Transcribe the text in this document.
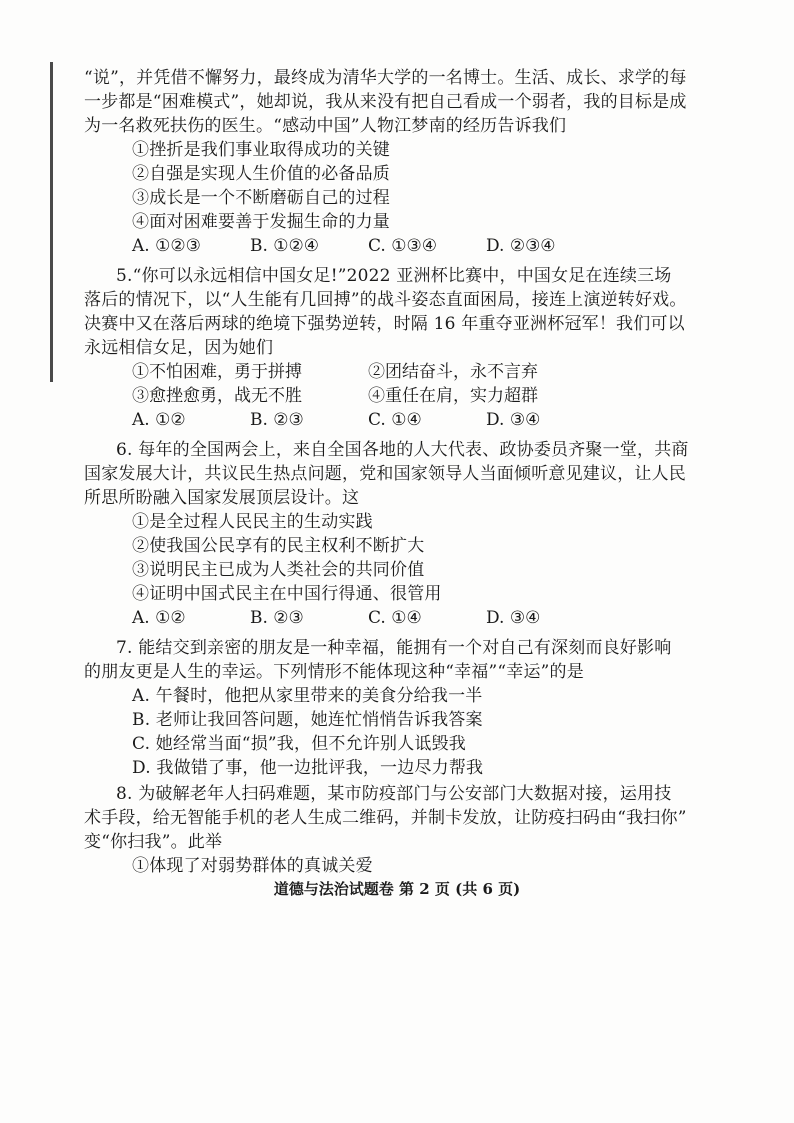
“说”，并凭借不懈努力，最终成为清华大学的一名博士。生活、成长、求学的每
一步都是“困难模式”，她却说，我从来没有把自己看成一个弱者，我的目标是成
为一名救死扶伤的医生。“感动中国”人物江梦南的经历告诉我们
①挫折是我们事业取得成功的关键
②自强是实现人生价值的必备品质
③成长是一个不断磨砺自己的过程
④面对困难要善于发掘生命的力量
A. ①②③	B. ①②④	C. ①③④	D. ②③④
5.“你可以永远相信中国女足!”2022 亚洲杯比赛中，中国女足在连续三场
落后的情况下，以“人生能有几回搏”的战斗姿态直面困局，接连上演逆转好戏。
决赛中又在落后两球的绝境下强势逆转，时隔 16 年重夺亚洲杯冠军！我们可以
永远相信女足，因为她们
①不怕困难，勇于拼搏	②团结奋斗，永不言弃
③愈挫愈勇，战无不胜	④重任在肩，实力超群
A. ①②	B. ②③	C. ①④	D. ③④
6. 每年的全国两会上，来自全国各地的人大代表、政协委员齐聚一堂，共商
国家发展大计，共议民生热点问题，党和国家领导人当面倾听意见建议，让人民
所思所盼融入国家发展顶层设计。这
①是全过程人民民主的生动实践
②使我国公民享有的民主权利不断扩大
③说明民主已成为人类社会的共同价值
④证明中国式民主在中国行得通、很管用
A. ①②	B. ②③	C. ①④	D. ③④
7. 能结交到亲密的朋友是一种幸福，能拥有一个对自己有深刻而良好影响
的朋友更是人生的幸运。下列情形不能体现这种“幸福”“幸运”的是
A. 午餐时，他把从家里带来的美食分给我一半
B. 老师让我回答问题，她连忙悄悄告诉我答案
C. 她经常当面“损”我，但不允许别人诋毁我
D. 我做错了事，他一边批评我，一边尽力帮我
8. 为破解老年人扫码难题，某市防疫部门与公安部门大数据对接，运用技
术手段，给无智能手机的老人生成二维码，并制卡发放，让防疫扫码由“我扫你”
变“你扫我”。此举
①体现了对弱势群体的真诚关爱
道德与法治试题卷 第 2 页 (共 6 页)
